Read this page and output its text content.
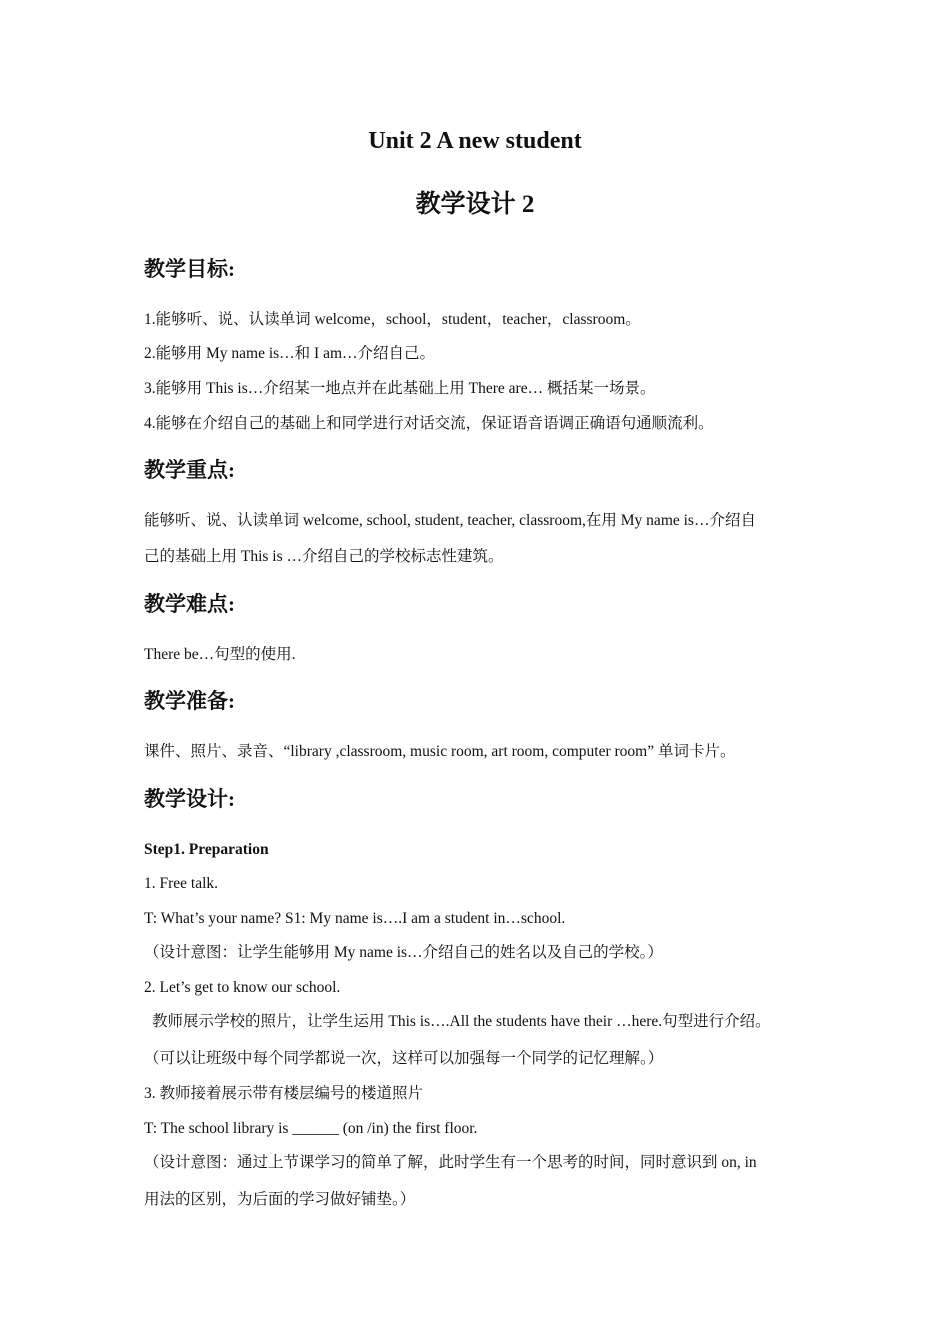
Unit 2 A new student
教学设计 2
教学目标:

1.能够听、说、认读单词 welcome，school，student，teacher，classroom。

2.能够用 My name is…和 I am…介绍自己。

3.能够用 This is…介绍某一地点并在此基础上用 There are… 概括某一场景。

4.能够在介绍自己的基础上和同学进行对话交流，保证语音语调正确语句通顺流利。

教学重点:

能够听、说、认读单词 welcome, school, student, teacher, classroom,在用 My name is…介绍自

己的基础上用 This is …介绍自己的学校标志性建筑。

教学难点:

There be…句型的使用.

教学准备:

课件、照片、录音、“library ,classroom, music room, art room, computer room” 单词卡片。

教学设计:

Step1. Preparation

1. Free talk.

T: What’s your name? S1: My name is….I am a student in…school.

（设计意图：让学生能够用 My name is…介绍自己的姓名以及自己的学校。）

2. Let’s get to know our school.

教师展示学校的照片，让学生运用 This is….All the students have their …here.句型进行介绍。

（可以让班级中每个同学都说一次，这样可以加强每一个同学的记忆理解。）

3. 教师接着展示带有楼层编号的楼道照片

T: The school library is ______ (on /in) the first floor.

（设计意图：通过上节课学习的简单了解，此时学生有一个思考的时间，同时意识到 on, in

用法的区别，为后面的学习做好铺垫。）
